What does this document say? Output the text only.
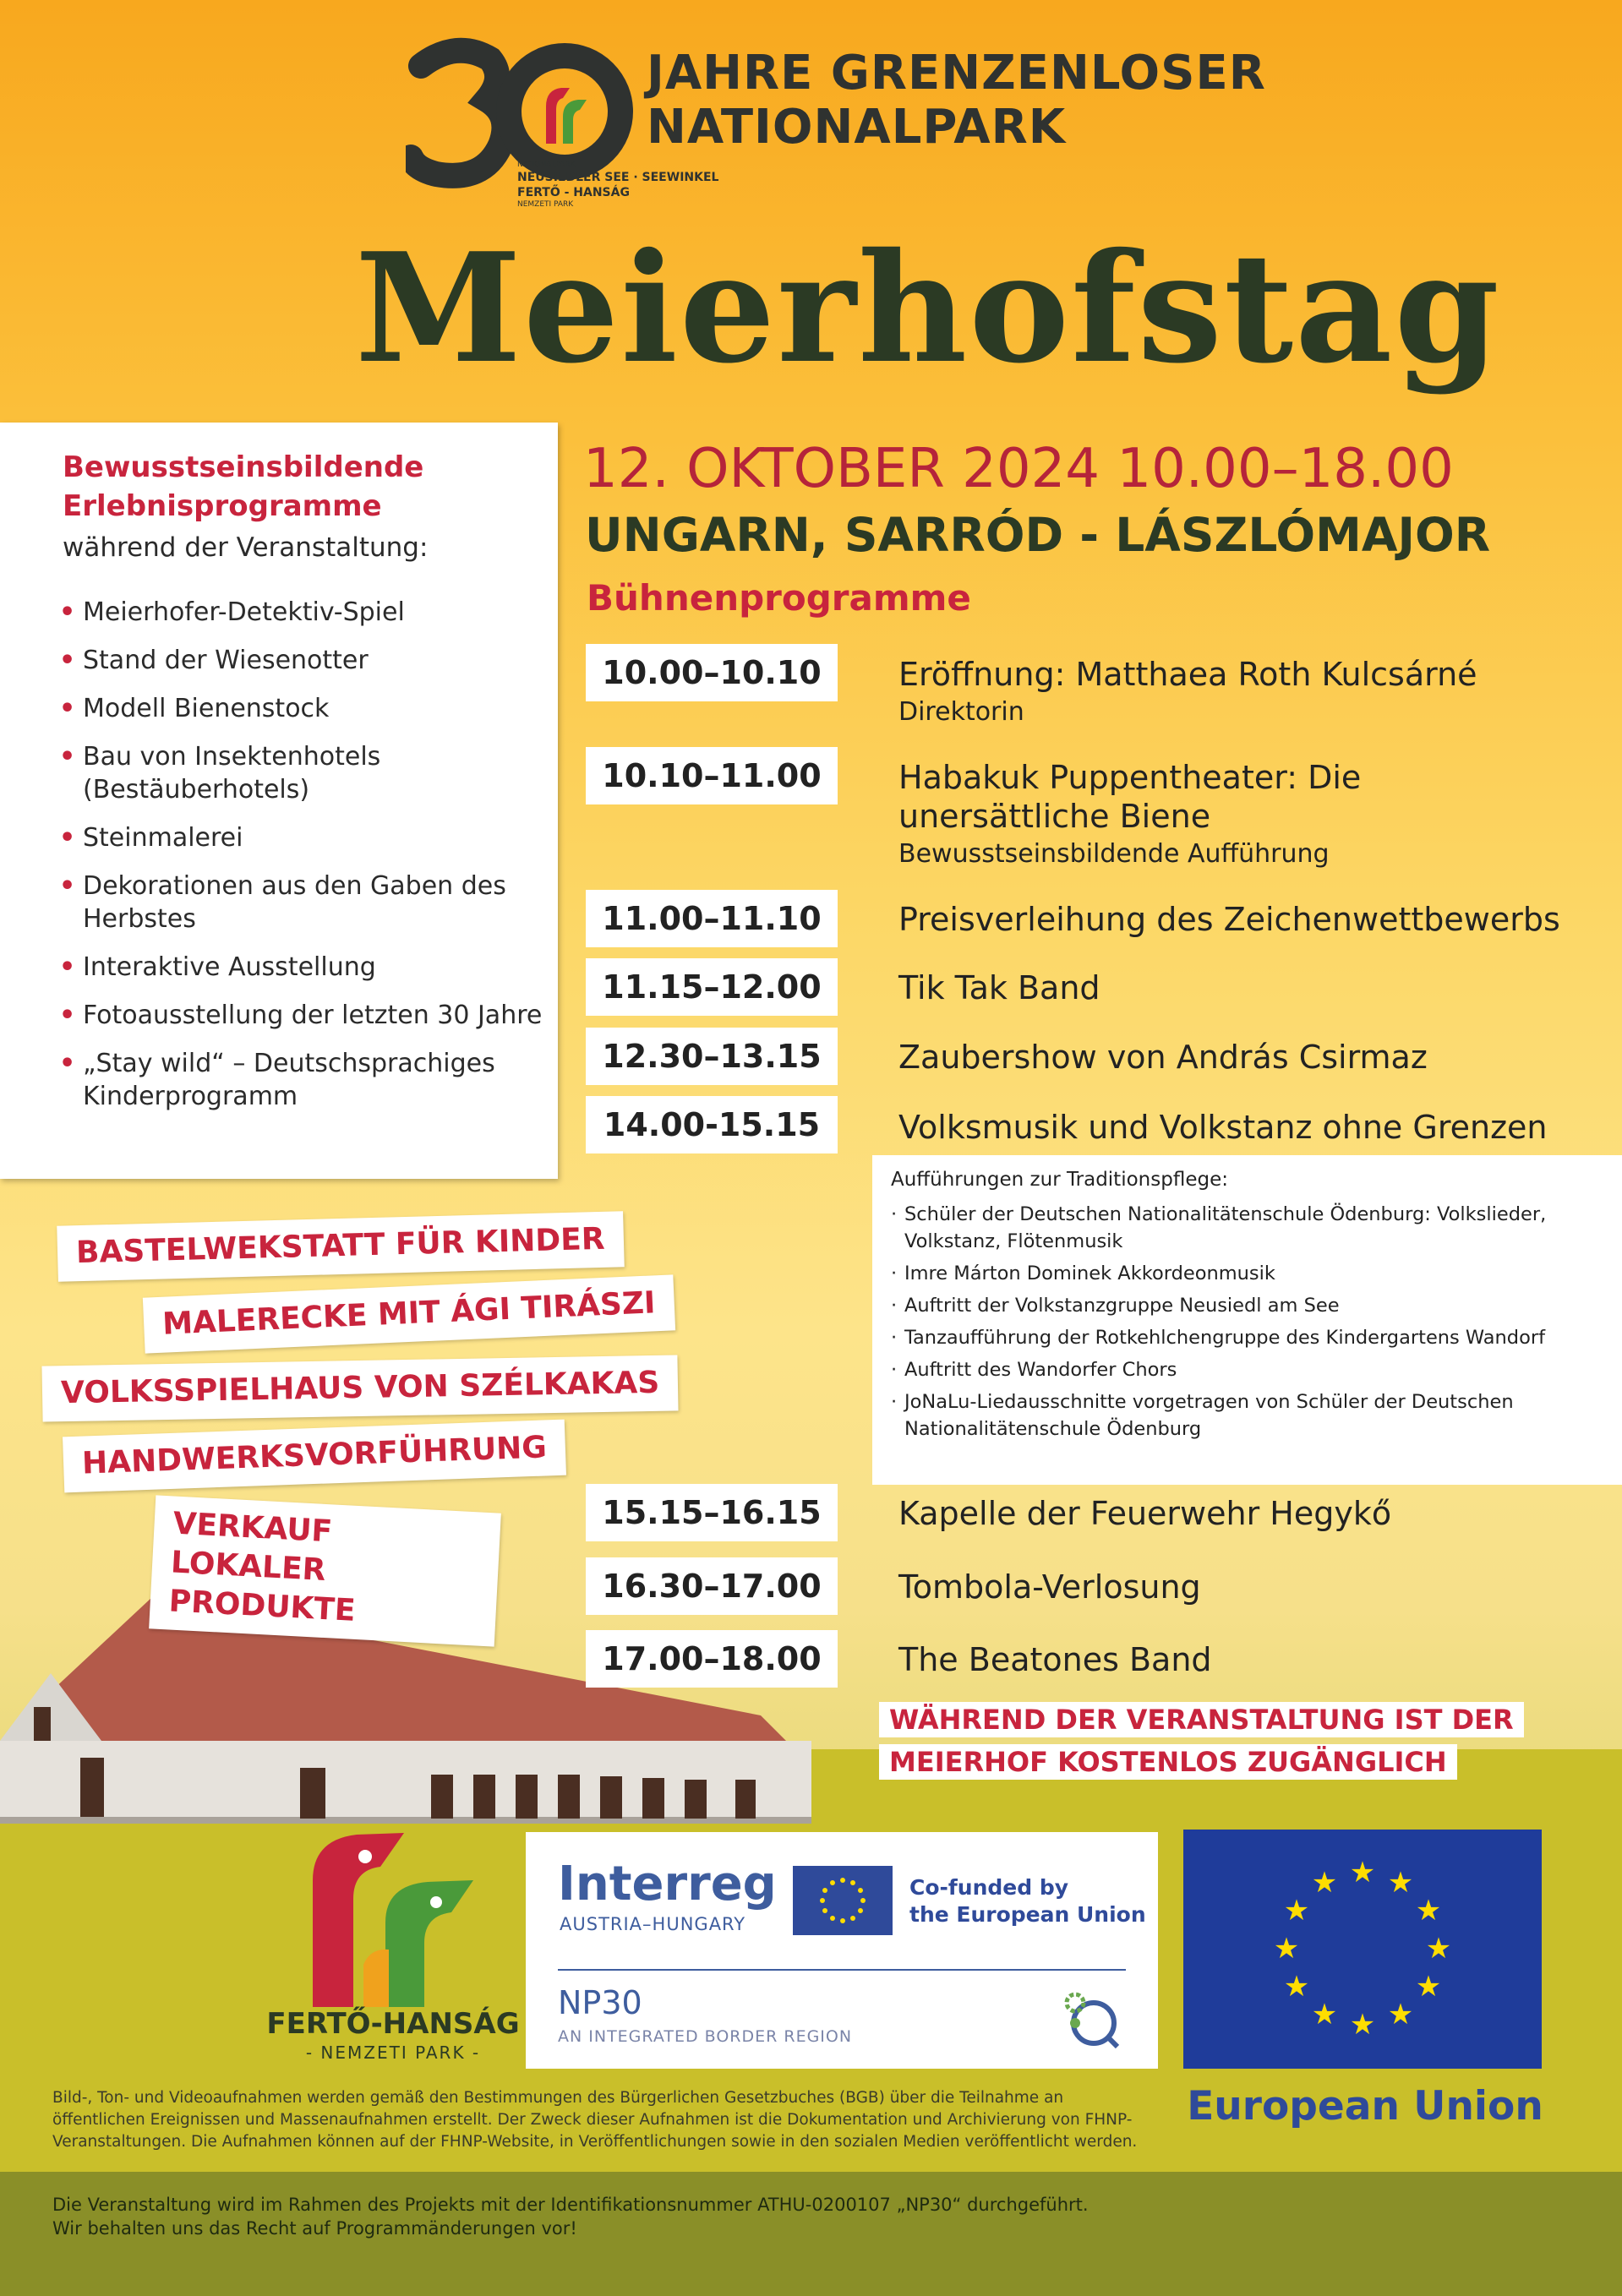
NATIONALPARK
NEUSIEDLER SEE · SEEWINKEL
FERTŐ - HANSÁG
NEMZETI PARK
JAHRE GRENZENLOSER
NATIONALPARK
Meierhofstag
Bewusstseinsbildende Erlebnisprogramme
während der Veranstaltung:
• Meierhofer-Detektiv-Spiel
• Stand der Wiesenotter
• Modell Bienenstock
• Bau von Insektenhotels (Bestäuberhotels)
• Steinmalerei
• Dekorationen aus den Gaben des Herbstes
• Interaktive Ausstellung
• Fotoausstellung der letzten 30 Jahre
• „Stay wild“ – Deutschsprachiges Kinderprogramm
12. OKTOBER 2024 10.00–18.00
UNGARN, SARRÓD - LÁSZLÓMAJOR
Bühnenprogramme
10.00–10.10	Eröffnung: Matthaea Roth Kulcsárné
Direktorin
10.10–11.00	Habakuk Puppentheater: Die unersättliche Biene
Bewusstseinsbildende Aufführung
11.00–11.10	Preisverleihung des Zeichenwettbewerbs
11.15–12.00	Tik Tak Band
12.30–13.15	Zaubershow von András Csirmaz
14.00-15.15	Volksmusik und Volkstanz ohne Grenzen
Aufführungen zur Traditionspflege:
· Schüler der Deutschen Nationalitätenschule Ödenburg: Volkslieder, Volkstanz, Flötenmusik
· Imre Márton Dominek Akkordeonmusik
· Auftritt der Volkstanzgruppe Neusiedl am See
· Tanzaufführung der Rotkehlchengruppe des Kindergartens Wandorf
· Auftritt des Wandorfer Chors
· JoNaLu-Liedausschnitte vorgetragen von Schüler der Deutschen Nationalitätenschule Ödenburg
15.15–16.15	Kapelle der Feuerwehr Hegykő
16.30–17.00	Tombola-Verlosung
17.00–18.00	The Beatones Band
BASTELWEKSTATT FÜR KINDER
MALERECKE MIT ÁGI TIRÁSZI
VOLKSSPIELHAUS VON SZÉLKAKAS
HANDWERKSVORFÜHRUNG
VERKAUF LOKALER PRODUKTE
WÄHREND DER VERANSTALTUNG IST DER
MEIERHOF KOSTENLOS ZUGÄNGLICH
FERTŐ-HANSÁG
- NEMZETI PARK -
Interreg
AUSTRIA–HUNGARY
Co-funded by
the European Union
NP30
AN INTEGRATED BORDER REGION
★ ★
★
★
★
★
★
★
★
★
★
★
European Union
Bild-, Ton- und Videoaufnahmen werden gemäß den Bestimmungen des Bürgerlichen Gesetzbuches (BGB) über die Teilnahme an öffentlichen Ereignissen und Massenaufnahmen erstellt. Der Zweck dieser Aufnahmen ist die Dokumentation und Archivierung von FHNP-Veranstaltungen. Die Aufnahmen können auf der FHNP-Website, in Veröffentlichungen sowie in den sozialen Medien veröffentlicht werden.
Die Veranstaltung wird im Rahmen des Projekts mit der Identifikationsnummer ATHU-0200107 „NP30“ durchgeführt.
Wir behalten uns das Recht auf Programmänderungen vor!
